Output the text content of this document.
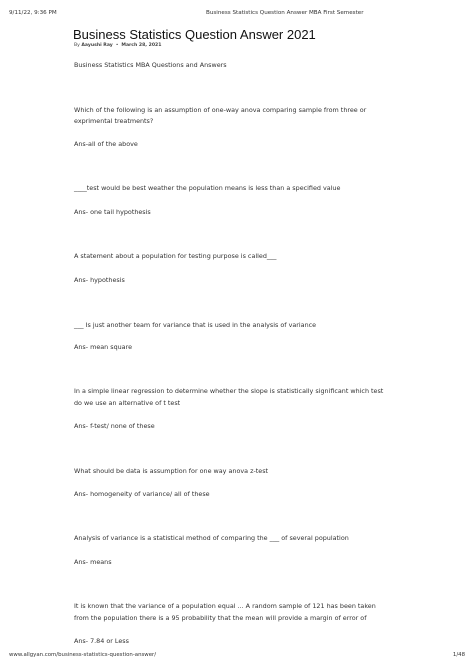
9/11/22, 9:36 PM	Business Statistics Question Answer MBA First Semester
Business Statistics Question Answer 2021
By Aayushi Ray  •  March 28, 2021

Business Statistics MBA Questions and Answers

Which of the following is an assumption of one-way anova comparing sample from three or

exprimental treatments?

Ans-all of the above

____test would be best weather the population means is less than a specified value

Ans- one tail hypothesis

A statement about a population for testing purpose is called___

Ans- hypothesis

___ Is just another team for variance that is used in the analysis of variance

Ans- mean square

In a simple linear regression to determine whether the slope is statistically significant which test

do we use an alternative of t test

Ans- f-test/ none of these

What should be data is assumption for one way anova z-test

Ans- homogeneity of variance/ all of these

Analysis of variance is a statistical method of comparing the ___ of several population

Ans- means

It is known that the variance of a population equal ... A random sample of 121 has been taken

from the population there is a 95 probability that the mean will provide a margin of error of

Ans- 7.84 or Less

www.allgyan.com/business-statistics-question-answer/	1/48
